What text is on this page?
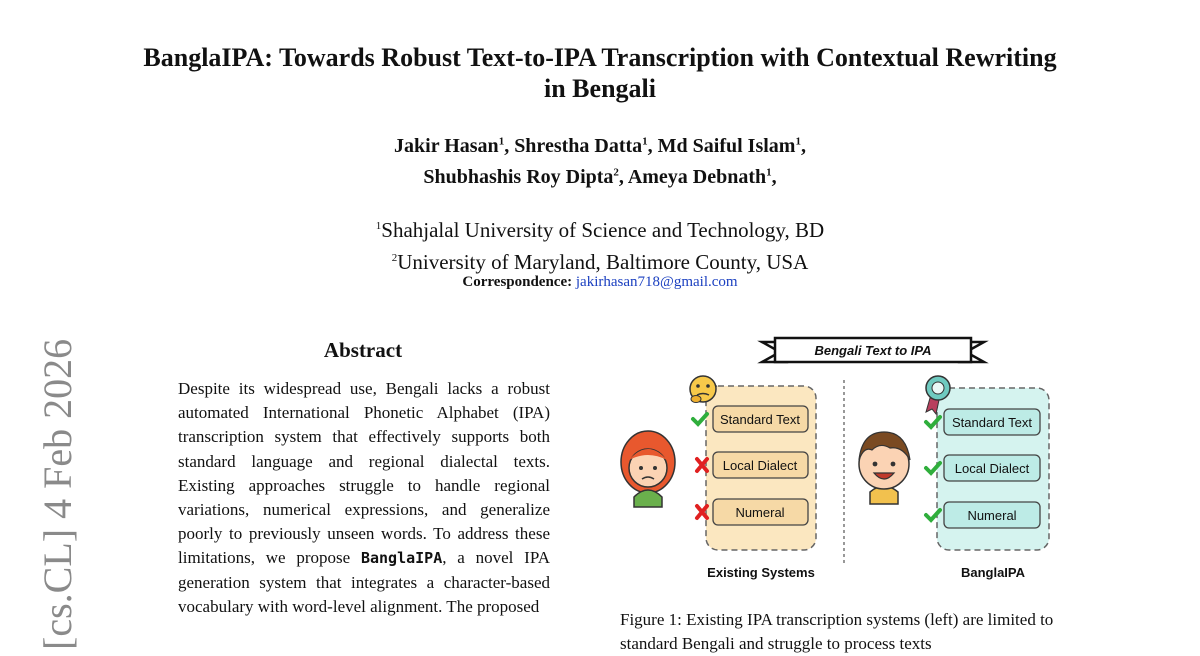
BanglaIPA: Towards Robust Text-to-IPA Transcription with Contextual Rewriting in Bengali
Jakir Hasan$^1$, Shrestha Datta$^1$, Md Saiful Islam$^1$,
Shubhashis Roy Dipta$^2$, Ameya Debnath$^1$,
$^1$Shahjalal University of Science and Technology, BD
$^2$University of Maryland, Baltimore County, USA
Correspondence: jakirhasan718@gmail.com
[cs.CL] 4 Feb 2026	Abstract
Despite its widespread use, Bengali lacks a robust automated International Phonetic Alphabet (IPA) transcription system that effectively supports both standard language and regional dialectal texts. Existing approaches struggle to handle regional variations, numerical expressions, and generalize poorly to previously unseen words. To address these limitations, we propose BanglaIPA, a novel IPA generation system that integrates a character-based vocabulary with word-level alignment. The proposed
Bengali Text to IPA
Standard Text
Local Dialect
Numeral
Existing Systems
Standard Text
Local Dialect
Numeral
BanglaIPA
Figure 1: Existing IPA transcription systems (left) are limited to standard Bengali and struggle to process texts
